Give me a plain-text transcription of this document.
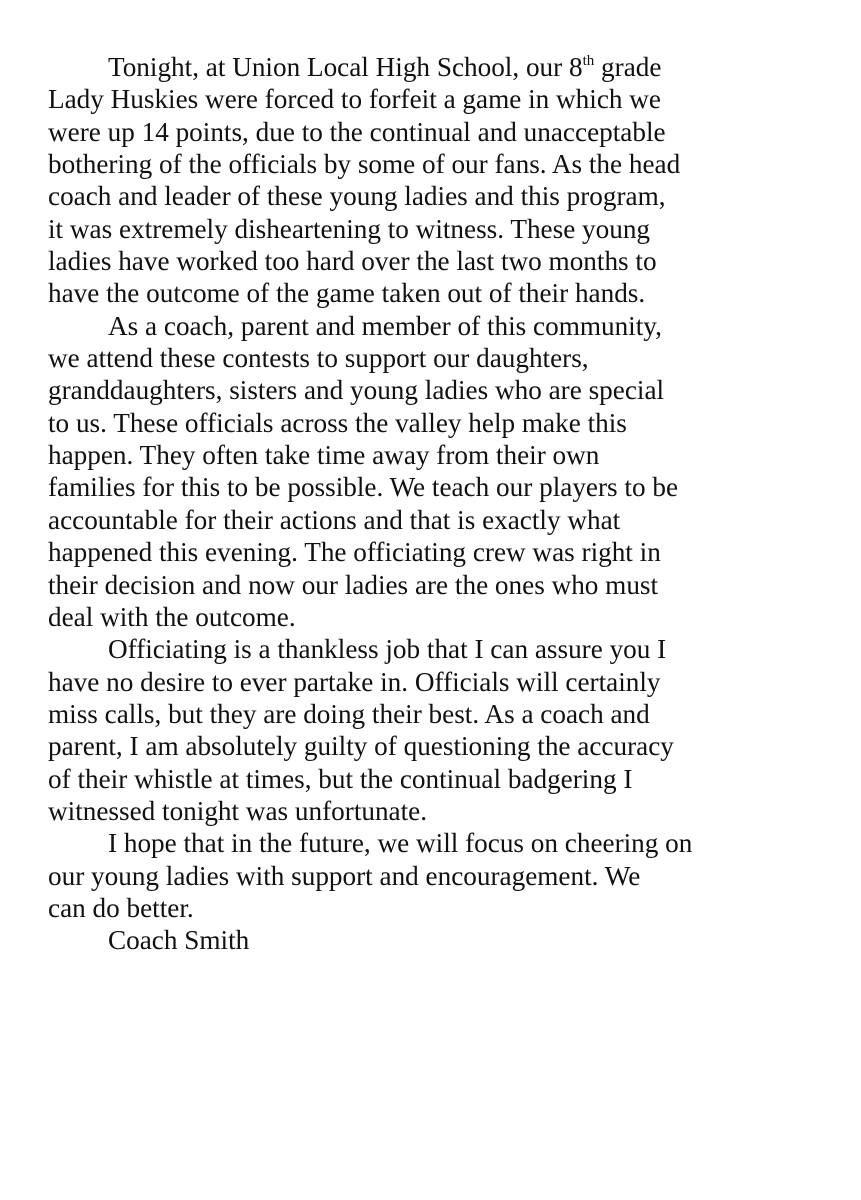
Tonight, at Union Local High School, our 8th grade
Lady Huskies were forced to forfeit a game in which we
were up 14 points, due to the continual and unacceptable
bothering of the officials by some of our fans. As the head
coach and leader of these young ladies and this program,
it was extremely disheartening to witness. These young
ladies have worked too hard over the last two months to
have the outcome of the game taken out of their hands.
As a coach, parent and member of this community,
we attend these contests to support our daughters,
granddaughters, sisters and young ladies who are special
to us. These officials across the valley help make this
happen. They often take time away from their own
families for this to be possible. We teach our players to be
accountable for their actions and that is exactly what
happened this evening. The officiating crew was right in
their decision and now our ladies are the ones who must
deal with the outcome.
Officiating is a thankless job that I can assure you I
have no desire to ever partake in. Officials will certainly
miss calls, but they are doing their best. As a coach and
parent, I am absolutely guilty of questioning the accuracy
of their whistle at times, but the continual badgering I
witnessed tonight was unfortunate.
I hope that in the future, we will focus on cheering on
our young ladies with support and encouragement. We
can do better.
Coach Smith
